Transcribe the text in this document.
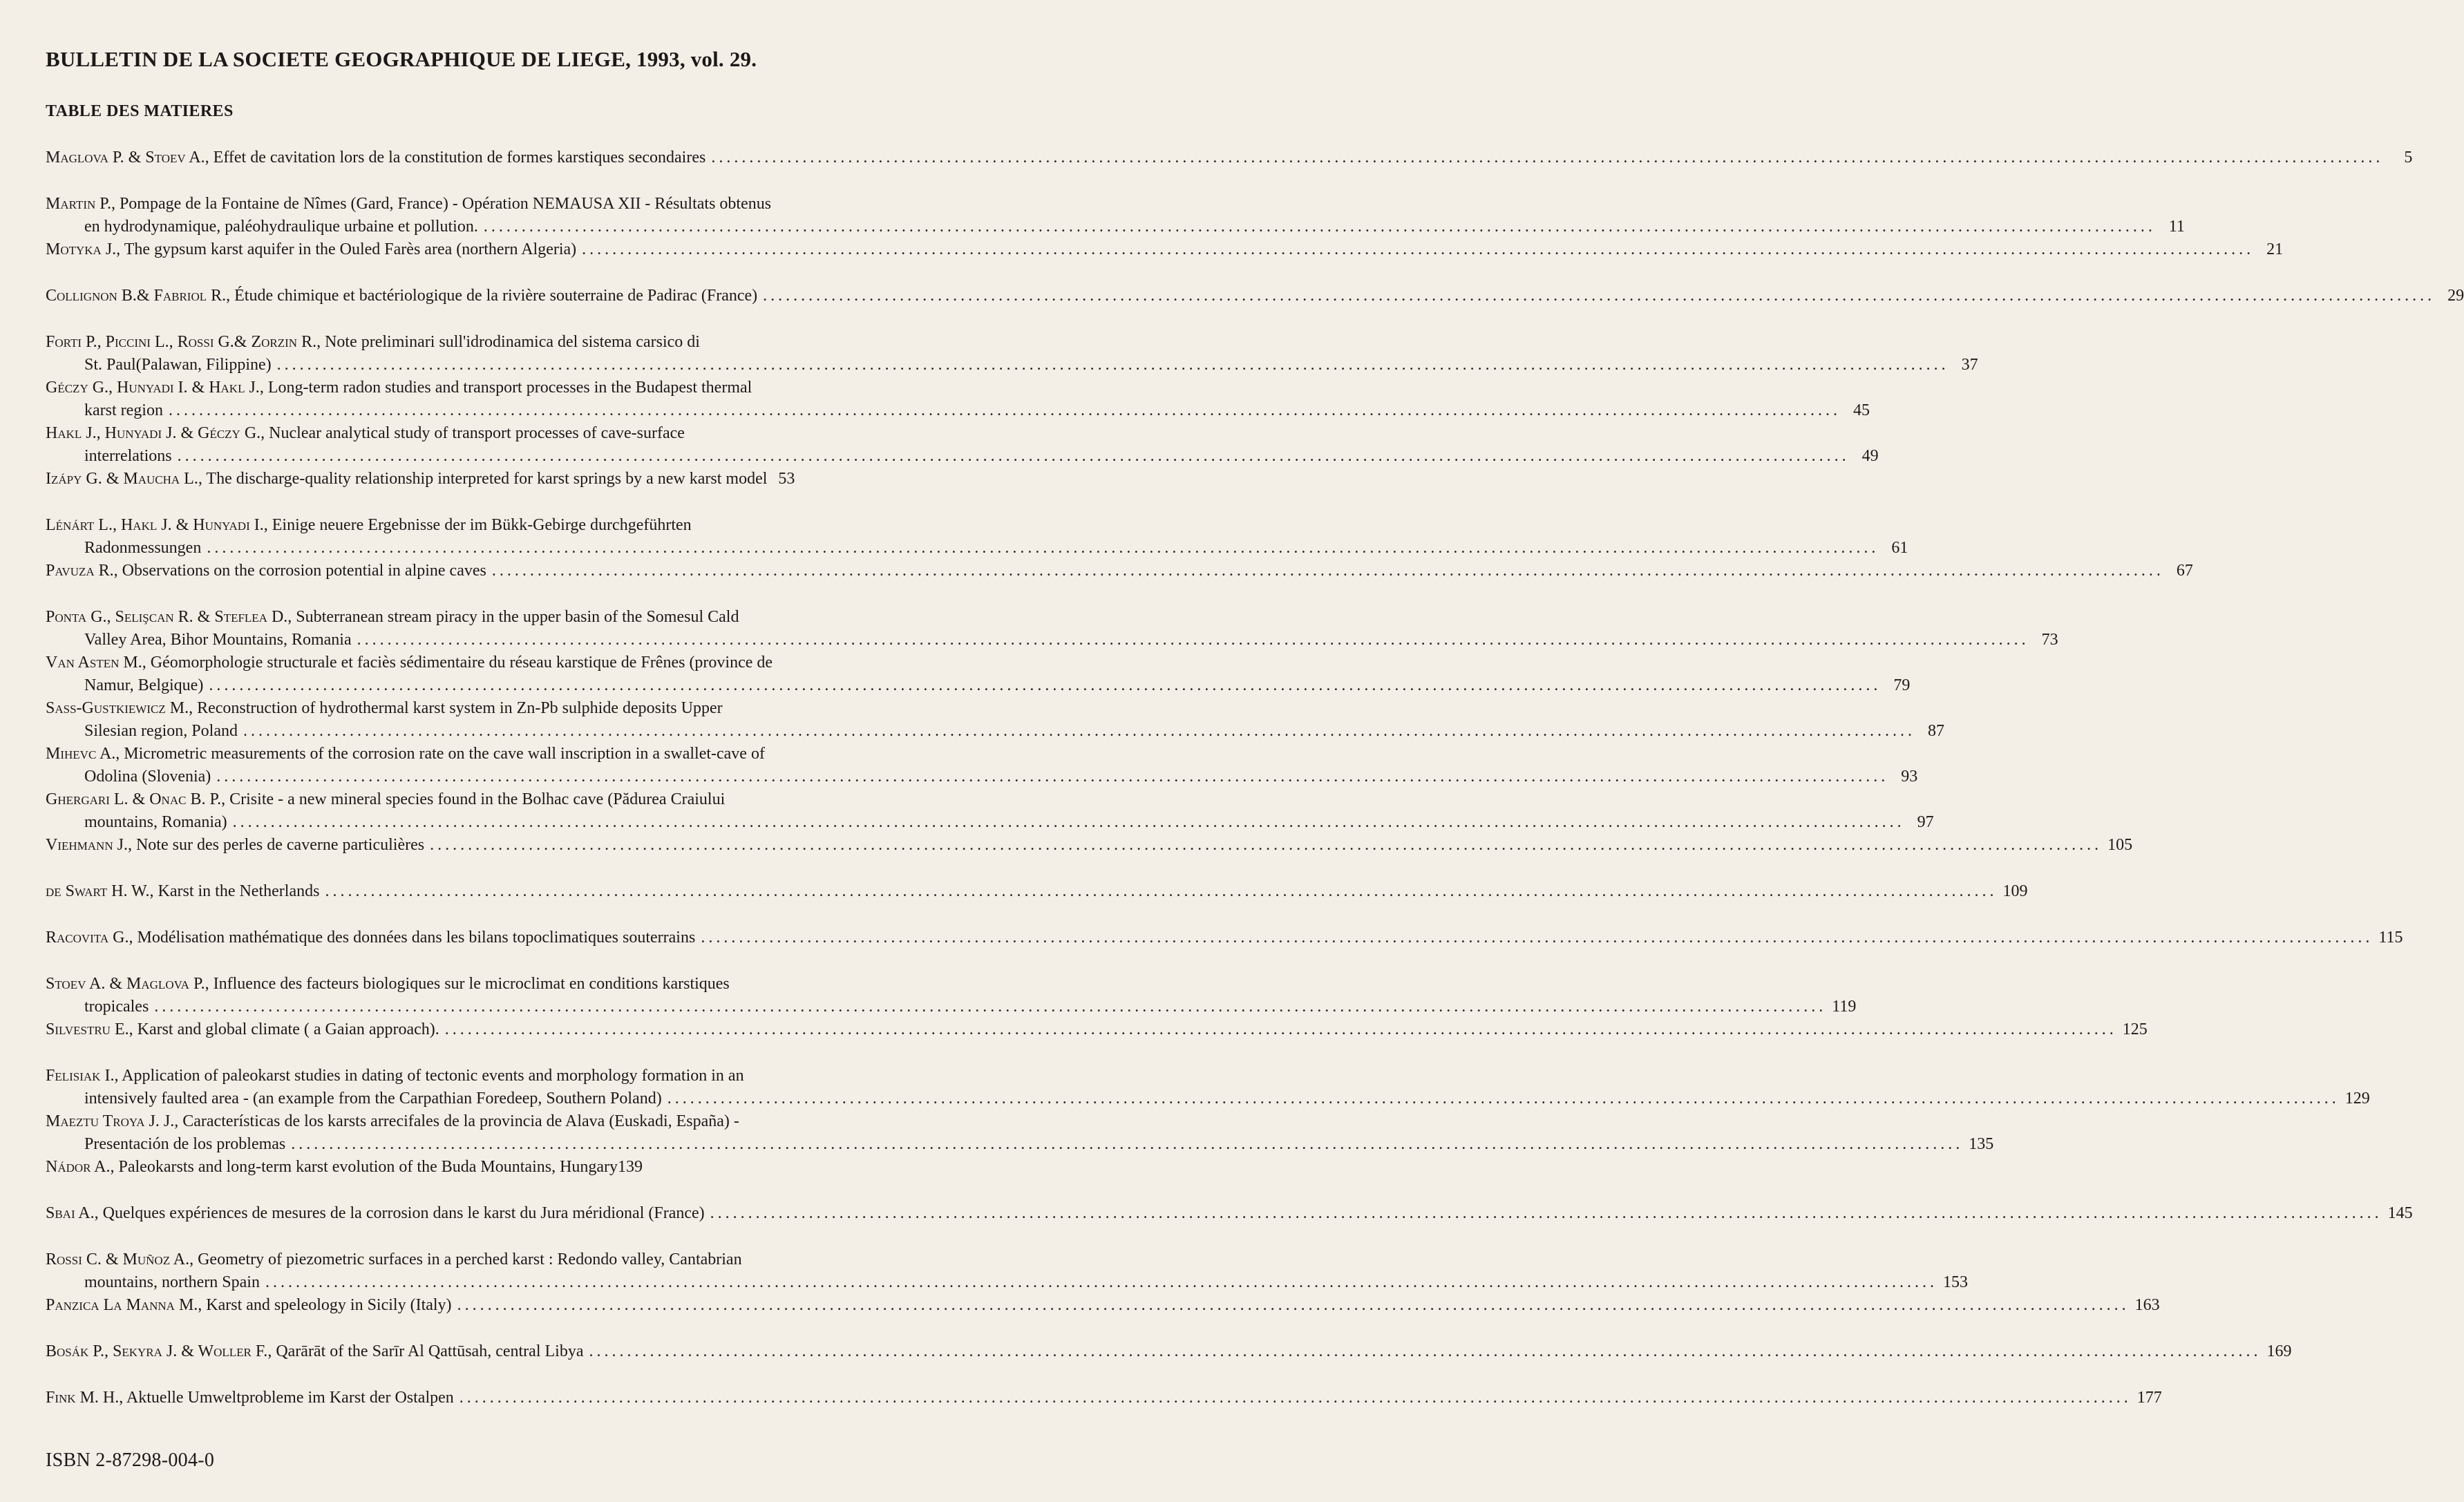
BULLETIN DE LA SOCIETE GEOGRAPHIQUE DE LIEGE, 1993, vol. 29.
TABLE DES MATIERES
Maglova P. & Stoev A., Effet de cavitation lors de la constitution de formes karstiques secondaires ............................................................................................................................................................................................................................	5
Martin P., Pompage de la Fontaine de Nîmes (Gard, France) - Opération NEMAUSA XII - Résultats obtenus
en hydrodynamique, paléohydraulique urbaine et pollution. ............................................................................................................................................................................................................................ 11
Motyka J., The gypsum karst aquifer in the Ouled Farès area (northern Algeria) ............................................................................................................................................................................................................................ 21
Collignon B.& Fabriol R., Étude chimique et bactériologique de la rivière souterraine de Padirac (France) ............................................................................................................................................................................................................................ 29
Forti P., Piccini L., Rossi G.& Zorzin R., Note preliminari sull'idrodinamica del sistema carsico di
St. Paul(Palawan, Filippine) ............................................................................................................................................................................................................................ 37
Géczy G., Hunyadi I. & Hakl J., Long-term radon studies and transport processes in the Budapest thermal
karst region ............................................................................................................................................................................................................................ 45
Hakl J., Hunyadi J. & Géczy G., Nuclear analytical study of transport processes of cave-surface
interrelations ............................................................................................................................................................................................................................ 49
Izápy G. & Maucha L., The discharge-quality relationship interpreted for karst springs by a new karst model 53
Lénárt L., Hakl J. & Hunyadi I., Einige neuere Ergebnisse der im Bükk-Gebirge durchgeführten
Radonmessungen ............................................................................................................................................................................................................................ 61
Pavuza R., Observations on the corrosion potential in alpine caves ............................................................................................................................................................................................................................ 67
Ponta G., Selişcan R. & Steflea D., Subterranean stream piracy in the upper basin of the Somesul Cald
Valley Area, Bihor Mountains, Romania ............................................................................................................................................................................................................................ 73
Van Asten M., Géomorphologie structurale et faciès sédimentaire du réseau karstique de Frênes (province de
Namur, Belgique) ............................................................................................................................................................................................................................ 79
Sass-Gustkiewicz M., Reconstruction of hydrothermal karst system in Zn-Pb sulphide deposits Upper
Silesian region, Poland ............................................................................................................................................................................................................................ 87
Mihevc A., Micrometric measurements of the corrosion rate on the cave wall inscription in a swallet-cave of
Odolina (Slovenia) ............................................................................................................................................................................................................................ 93
Ghergari L. & Onac B. P., Crisite - a new mineral species found in the Bolhac cave (Pădurea Craiului
mountains, Romania) ............................................................................................................................................................................................................................ 97
Viehmann J., Note sur des perles de caverne particulières ............................................................................................................................................................................................................................ 105
de Swart H. W., Karst in the Netherlands ............................................................................................................................................................................................................................ 109
Racovita G., Modélisation mathématique des données dans les bilans topoclimatiques souterrains ............................................................................................................................................................................................................................ 115
Stoev A. & Maglova P., Influence des facteurs biologiques sur le microclimat en conditions karstiques
tropicales ............................................................................................................................................................................................................................ 119
Silvestru E., Karst and global climate ( a Gaian approach). ............................................................................................................................................................................................................................ 125
Felisiak I., Application of paleokarst studies in dating of tectonic events and morphology formation in an
intensively faulted area - (an example from the Carpathian Foredeep, Southern Poland) ............................................................................................................................................................................................................................ 129
Maeztu Troya J. J., Características de los karsts arrecifales de la provincia de Alava (Euskadi, España) -
Presentación de los problemas ............................................................................................................................................................................................................................ 135
Nádor A., Paleokarsts and long-term karst evolution of the Buda Mountains, Hungary139
Sbai A., Quelques expériences de mesures de la corrosion dans le karst du Jura méridional (France) ............................................................................................................................................................................................................................ 145
Rossi C. & Muñoz A., Geometry of piezometric surfaces in a perched karst : Redondo valley, Cantabrian
mountains, northern Spain ............................................................................................................................................................................................................................ 153
Panzica La Manna M., Karst and speleology in Sicily (Italy) ............................................................................................................................................................................................................................ 163
Bosák P., Sekyra J. & Woller F., Qarārāt of the Sarīr Al Qattūsah, central Libya ............................................................................................................................................................................................................................ 169
Fink M. H., Aktuelle Umweltprobleme im Karst der Ostalpen ............................................................................................................................................................................................................................ 177
ISBN 2-87298-004-0
